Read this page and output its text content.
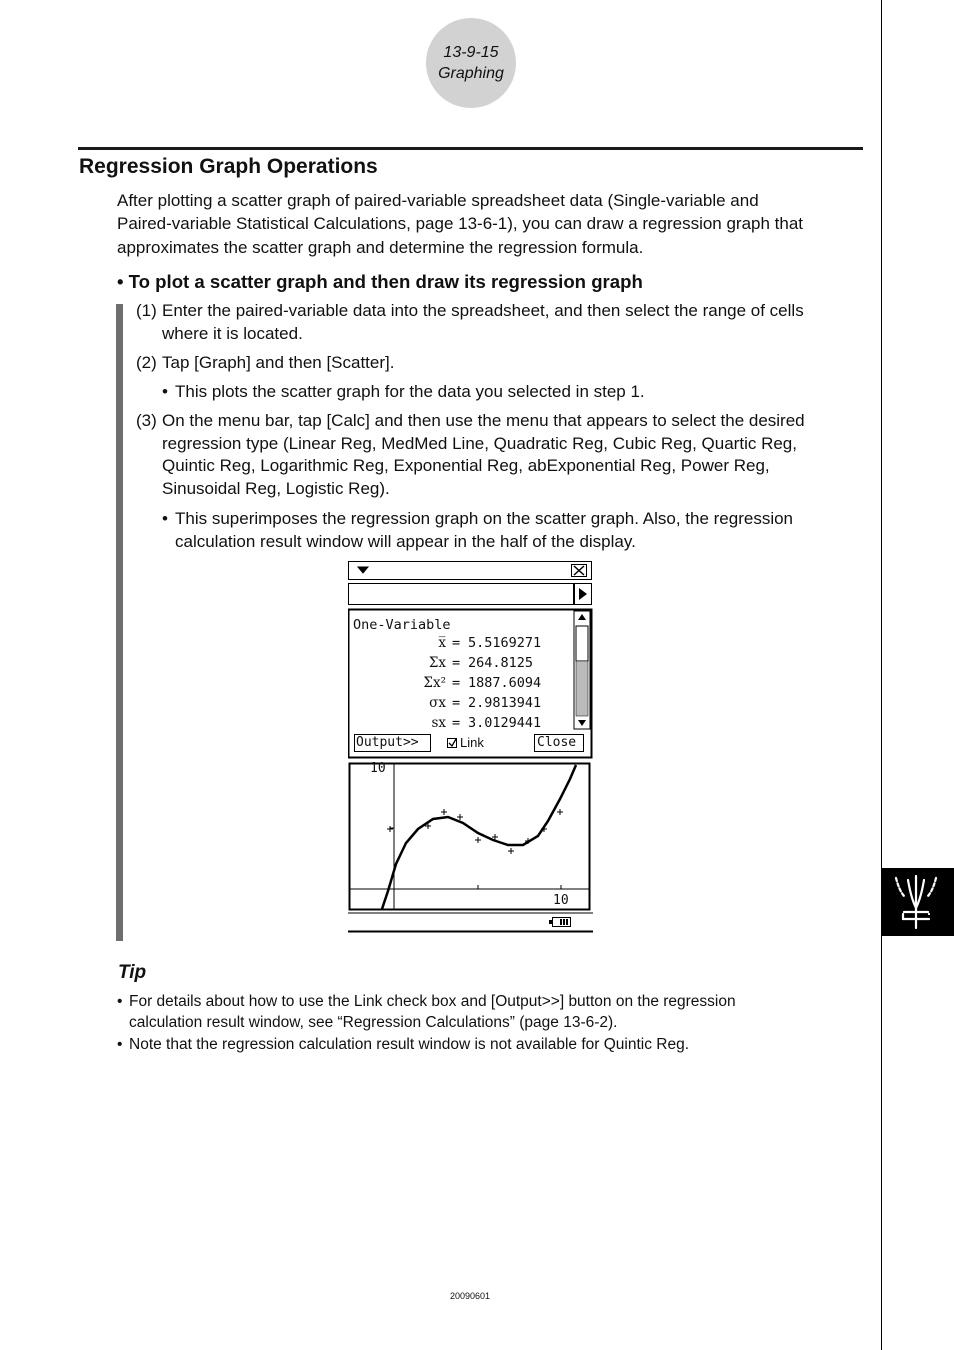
13-9-15
Graphing
Regression Graph Operations
After plotting a scatter graph of paired-variable spreadsheet data (Single-variable and
Paired-variable Statistical Calculations, page 13-6-1), you can draw a regression graph that
approximates the scatter graph and determine the regression formula.
• To plot a scatter graph and then draw its regression graph
(1) Enter the paired-variable data into the spreadsheet, and then select the range of cells
where it is located.
(2) Tap [Graph] and then [Scatter].
• This plots the scatter graph for the data you selected in step 1.
(3) On the menu bar, tap [Calc] and then use the menu that appears to select the desired
regression type (Linear Reg, MedMed Line, Quadratic Reg, Cubic Reg, Quartic Reg,
Quintic Reg, Logarithmic Reg, Exponential Reg, abExponential Reg, Power Reg,
Sinusoidal Reg, Logistic Reg).
• This superimposes the regression graph on the scatter graph. Also, the regression
calculation result window will appear in the half of the display.
One-Variable
x̅ = 5.5169271
Σx = 264.8125
Σx² = 1887.6094
σx = 2.9813941
sx = 3.0129441
Output>>	Link	Close
10
10
Tip
• For details about how to use the Link check box and [Output>>] button on the regression
calculation result window, see “Regression Calculations” (page 13-6-2).
• Note that the regression calculation result window is not available for Quintic Reg.
20090601
